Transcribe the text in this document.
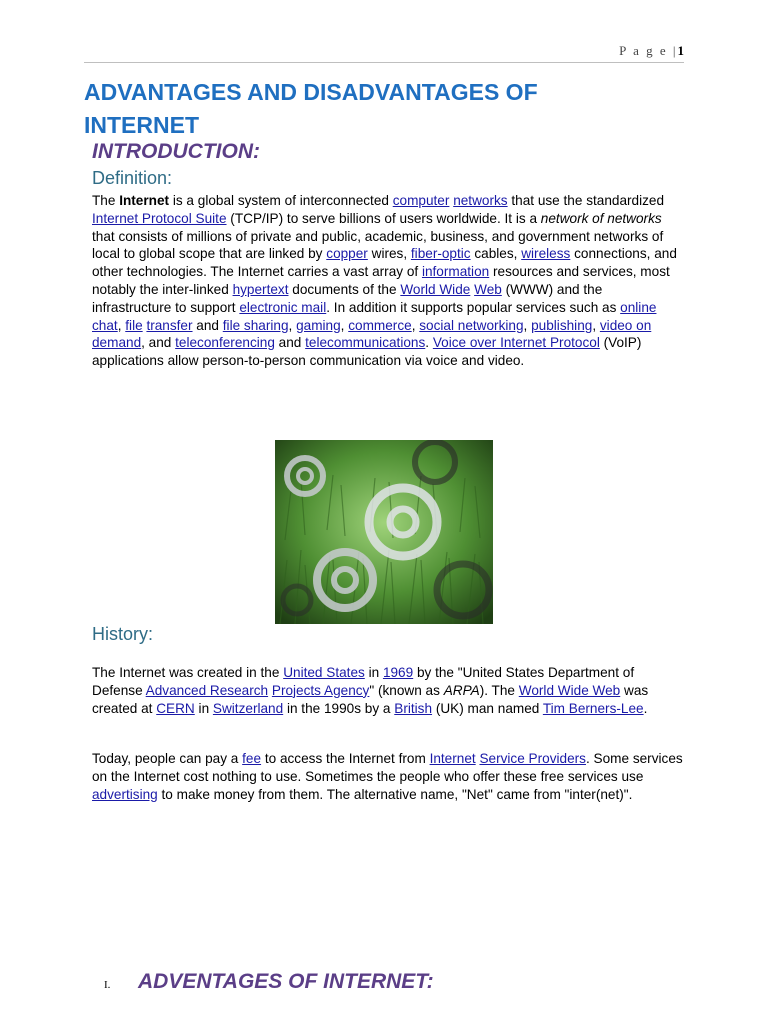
P a g e |1
ADVANTAGES AND DISADVANTAGES OF INTERNET
INTRODUCTION:
Definition:
The Internet is a global system of interconnected computer networks that use the standardized Internet Protocol Suite (TCP/IP) to serve billions of users worldwide. It is a network of networks that consists of millions of private and public, academic, business, and government networks of local to global scope that are linked by copper wires, fiber-optic cables, wireless connections, and other technologies. The Internet carries a vast array of information resources and services, most notably the inter-linked hypertext documents of the World Wide Web (WWW) and the infrastructure to support electronic mail. In addition it supports popular services such as online chat, file transfer and file sharing, gaming, commerce, social networking, publishing, video on demand, and teleconferencing and telecommunications. Voice over Internet Protocol (VoIP) applications allow person-to-person communication via voice and video.
History:
The Internet was created in the United States in 1969 by the "United States Department of Defense Advanced Research Projects Agency" (known as ARPA). The World Wide Web was created at CERN in Switzerland in the 1990s by a British (UK) man named Tim Berners-Lee.
Today, people can pay a fee to access the Internet from Internet Service Providers. Some services on the Internet cost nothing to use. Sometimes the people who offer these free services use advertising to make money from them. The alternative name, "Net" came from "inter(net)".
I. ADVENTAGES OF INTERNET:
